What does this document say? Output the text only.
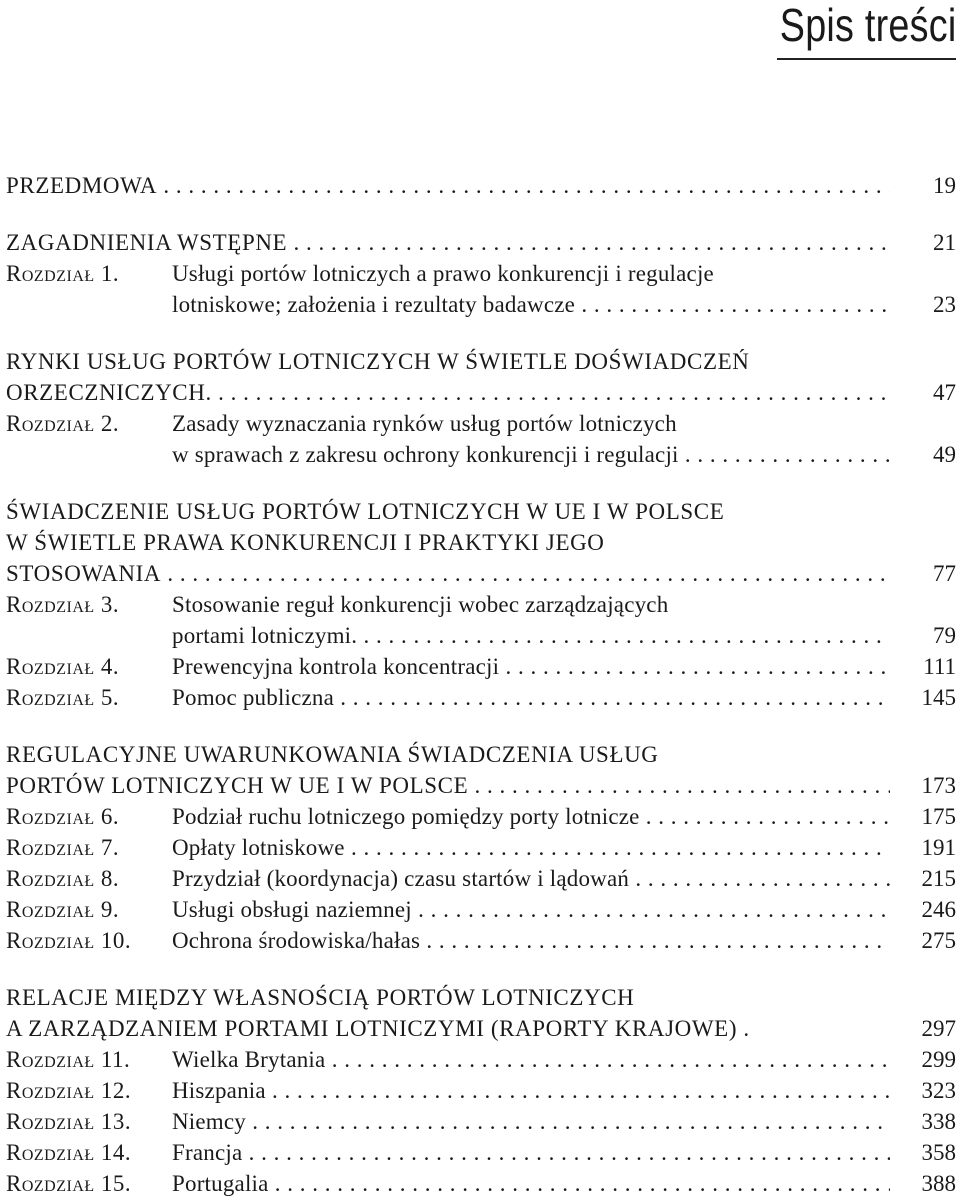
Spis treści
PRZEDMOWA . . .	19
ZAGADNIENIA WSTĘPNE . . .	21
Rozdział 1. Usługi portów lotniczych a prawo konkurencji i regulacje
lotniskowe; założenia i rezultaty badawcze . . .	23
RYNKI USŁUG PORTÓW LOTNICZYCH W ŚWIETLE DOŚWIADCZEŃ
ORZECZNICZYCH. . . .	47
Rozdział 2. Zasady wyznaczania rynków usług portów lotniczych
w sprawach z zakresu ochrony konkurencji i regulacji . . .	49
ŚWIADCZENIE USŁUG PORTÓW LOTNICZYCH W UE I W POLSCE
W ŚWIETLE PRAWA KONKURENCJI I PRAKTYKI JEGO
STOSOWANIA . . .	77
Rozdział 3. Stosowanie reguł konkurencji wobec zarządzających
portami lotniczymi. . . .	79
Rozdział 4. Prewencyjna kontrola koncentracji . . .	111
Rozdział 5. Pomoc publiczna . . .	145
REGULACYJNE UWARUNKOWANIA ŚWIADCZENIA USŁUG
PORTÓW LOTNICZYCH W UE I W POLSCE . . .	173
Rozdział 6. Podział ruchu lotniczego pomiędzy porty lotnicze . . .	175
Rozdział 7. Opłaty lotniskowe . . .	191
Rozdział 8. Przydział (koordynacja) czasu startów i lądowań . . .	215
Rozdział 9. Usługi obsługi naziemnej . . .	246
Rozdział 10. Ochrona środowiska/hałas . . .	275
RELACJE MIĘDZY WŁASNOŚCIĄ PORTÓW LOTNICZYCH
A ZARZĄDZANIEM PORTAMI LOTNICZYMI (RAPORTY KRAJOWE) .	297
Rozdział 11. Wielka Brytania . . .	299
Rozdział 12. Hiszpania . . .	323
Rozdział 13. Niemcy . . .	338
Rozdział 14. Francja . . .	358
Rozdział 15. Portugalia . . .	388
